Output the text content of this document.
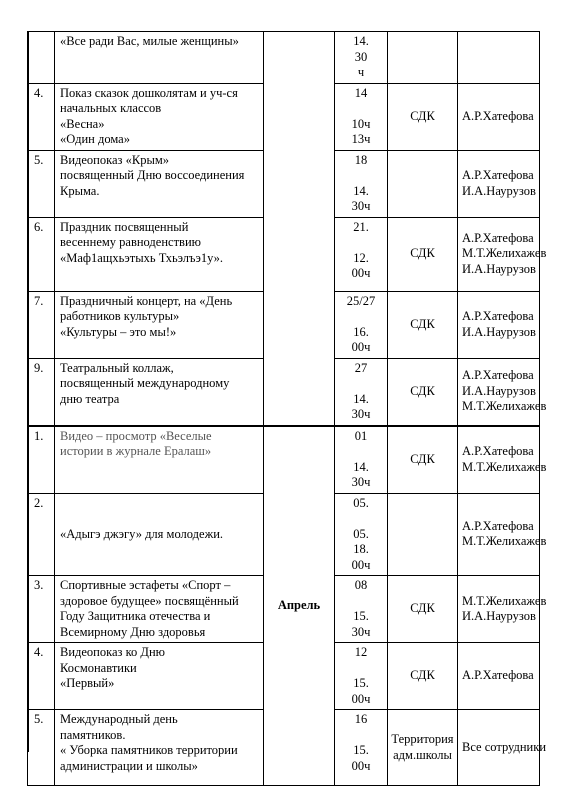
	«Все ради Вас, милые женщины»		14.
30
ч		

4.	Показ сказок дошколятам и уч-ся
начальных классов
«Весна»
«Один дома»		14
10ч
13ч	СДК	А.Р.Хатефова

5.	Видеопоказ «Крым»
посвященный Дню воссоединения
Крыма.		18
14.
30ч		А.Р.Хатефова
И.А.Наурузов

6.	Праздник посвященный
весеннему равноденствию
«Маф1ащхьэтыхь Тхьэлъэ1у».		21.
12.
00ч	СДК	А.Р.Хатефова
М.Т.Желихажев
И.А.Наурузов

7.	Праздничный концерт, на «День
работников культуры»
«Культуры – это мы!»		25/27
16.
00ч	СДК	А.Р.Хатефова
И.А.Наурузов

9.	Театральный коллаж,
посвященный международному
дню театра		27
14.
30ч	СДК	А.Р.Хатефова
И.А.Наурузов
М.Т.Желихажев

1.	Видео – просмотр «Веселые
истории в журнале Ералаш»	Апрель	01
14.
30ч	СДК	А.Р.Хатефова
М.Т.Желихажев

2.	«Адыгэ джэгу» для молодежи.		05.
05.
18.
00ч		А.Р.Хатефова
М.Т.Желихажев

3.	Спортивные эстафеты «Спорт –
здоровое будущее» посвящённый
Году Защитника отечества и
Всемирному Дню здоровья		08
15.
30ч	СДК	М.Т.Желихажев
И.А.Наурузов

4.	Видеопоказ ко Дню
Космонавтики
«Первый»		12
15.
00ч	СДК	А.Р.Хатефова

5.	Международный день
памятников.
« Уборка памятников территории
администрации и школы»		16
15.
00ч	Территория адм.школы	Все сотрудники
